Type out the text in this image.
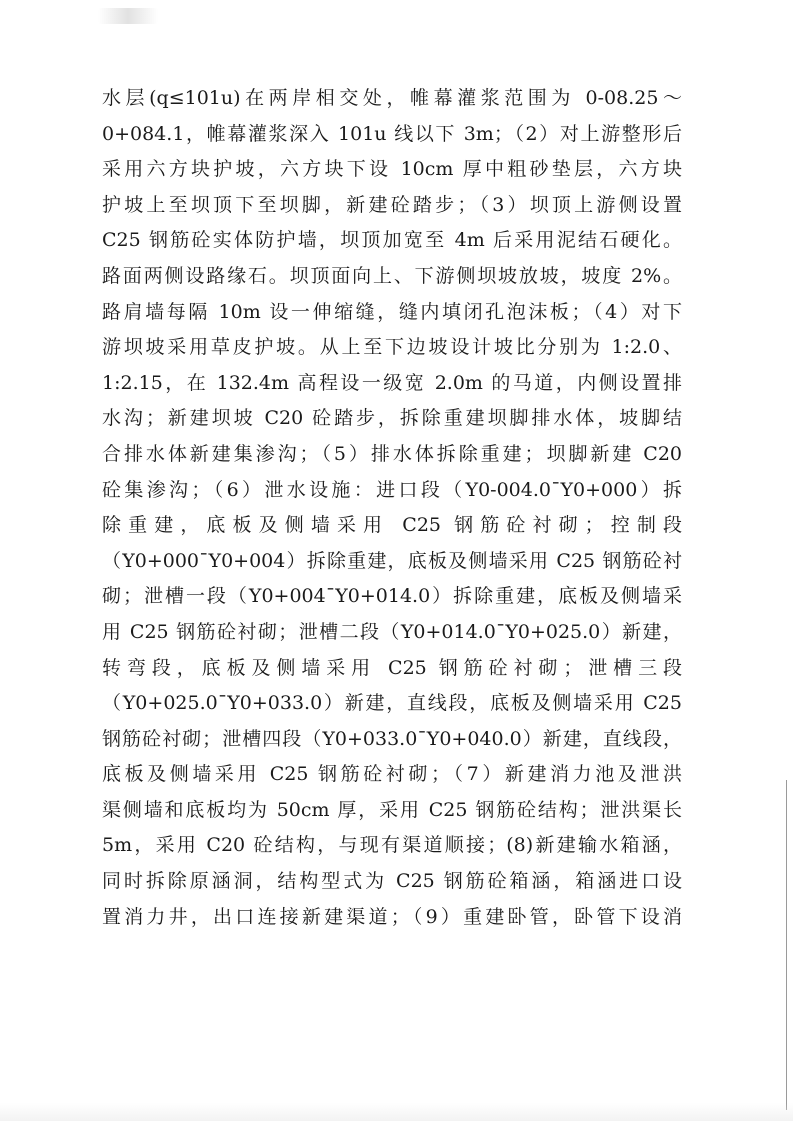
水层(q≤101u)在两岸相交处，帷幕灌浆范围为 0-08.25～
0+084.1，帷幕灌浆深入 101u 线以下 3m；（2）对上游整形后
采用六方块护坡，六方块下设 10cm 厚中粗砂垫层，六方块
护坡上至坝顶下至坝脚，新建砼踏步；（3）坝顶上游侧设置
C25 钢筋砼实体防护墙，坝顶加宽至 4m 后采用泥结石硬化。
路面两侧设路缘石。坝顶面向上、下游侧坝坡放坡，坡度 2%。
路肩墙每隔 10m 设一伸缩缝，缝内填闭孔泡沫板；（4）对下
游坝坡采用草皮护坡。从上至下边坡设计坡比分别为 1:2.0、
1:2.15，在 132.4m 高程设一级宽 2.0m 的马道，内侧设置排
水沟；新建坝坡 C20 砼踏步，拆除重建坝脚排水体，坡脚结
合排水体新建集渗沟；（5）排水体拆除重建；坝脚新建 C20
砼集渗沟；（6）泄水设施：进口段（Y0-004.0¯Y0+000）拆
除重建，底板及侧墙采用 C25 钢筋砼衬砌；控制段
（Y0+000¯Y0+004）拆除重建，底板及侧墙采用 C25 钢筋砼衬
砌；泄槽一段（Y0+004¯Y0+014.0）拆除重建，底板及侧墙采
用 C25 钢筋砼衬砌；泄槽二段（Y0+014.0¯Y0+025.0）新建，
转弯段，底板及侧墙采用 C25 钢筋砼衬砌；泄槽三段
（Y0+025.0¯Y0+033.0）新建，直线段，底板及侧墙采用 C25
钢筋砼衬砌；泄槽四段（Y0+033.0¯Y0+040.0）新建，直线段，
底板及侧墙采用 C25 钢筋砼衬砌；（7）新建消力池及泄洪
渠侧墙和底板均为 50cm 厚，采用 C25 钢筋砼结构；泄洪渠长
5m，采用 C20 砼结构，与现有渠道顺接；(8)新建输水箱涵，
同时拆除原涵洞，结构型式为 C25 钢筋砼箱涵，箱涵进口设
置消力井，出口连接新建渠道；（9）重建卧管，卧管下设消
